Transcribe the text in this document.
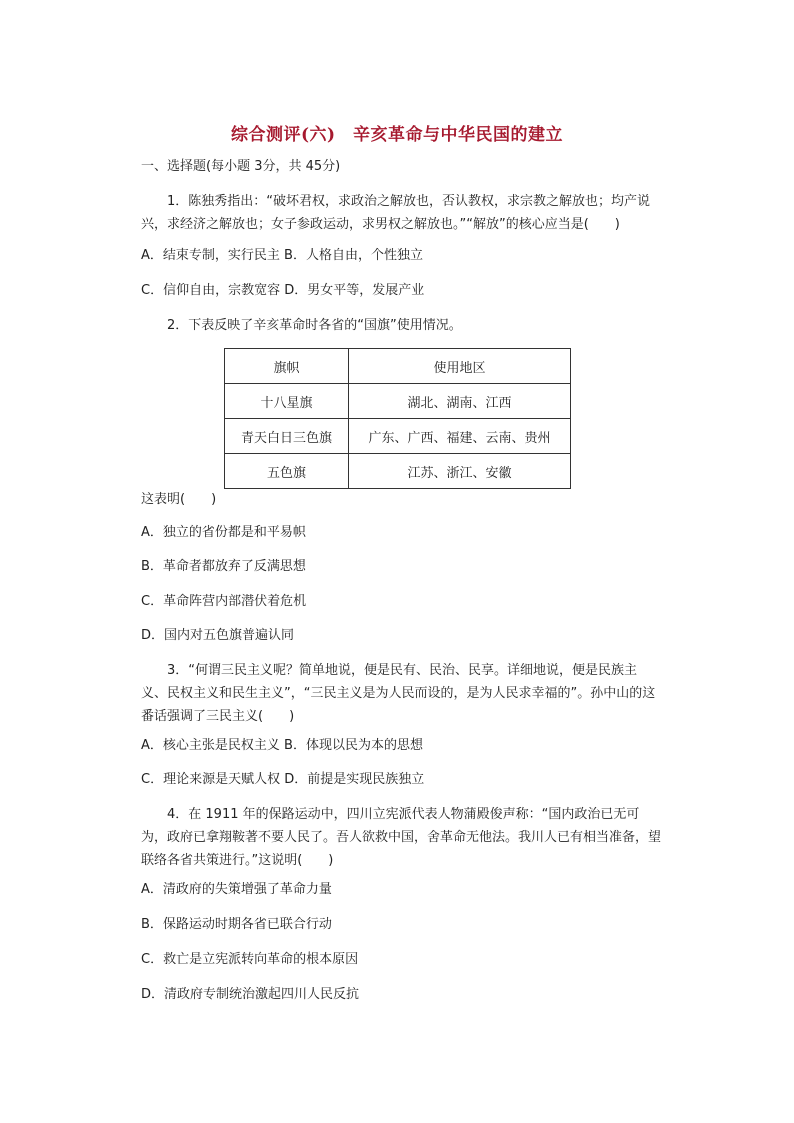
综合测评(六)　辛亥革命与中华民国的建立
一、选择题(每小题 3分，共 45分)
1．陈独秀指出：“破坏君权，求政治之解放也，否认教权，求宗教之解放也；均产说兴，求经济之解放也；女子参政运动，求男权之解放也。”“解放”的核心应当是(　　)
A．结束专制，实行民主 B．人格自由，个性独立
C．信仰自由，宗教宽容 D．男女平等，发展产业
2．下表反映了辛亥革命时各省的“国旗”使用情况。
旗帜	使用地区
十八星旗	湖北、湖南、江西
青天白日三色旗	广东、广西、福建、云南、贵州
五色旗	江苏、浙江、安徽
这表明(　　)
A．独立的省份都是和平易帜
B．革命者都放弃了反满思想
C．革命阵营内部潜伏着危机
D．国内对五色旗普遍认同
3．“何谓三民主义呢？简单地说，便是民有、民治、民享。详细地说，便是民族主义、民权主义和民生主义”，“三民主义是为人民而设的，是为人民求幸福的”。孙中山的这番话强调了三民主义(　　)
A．核心主张是民权主义 B．体现以民为本的思想
C．理论来源是天赋人权 D．前提是实现民族独立
4．在 1911 年的保路运动中，四川立宪派代表人物蒲殿俊声称：“国内政治已无可为，政府已拿翔鞍著不要人民了。吾人欲救中国，舍革命无他法。我川人已有相当准备，望联络各省共策进行。”这说明(　　)
A．清政府的失策增强了革命力量
B．保路运动时期各省已联合行动
C．救亡是立宪派转向革命的根本原因
D．清政府专制统治激起四川人民反抗
